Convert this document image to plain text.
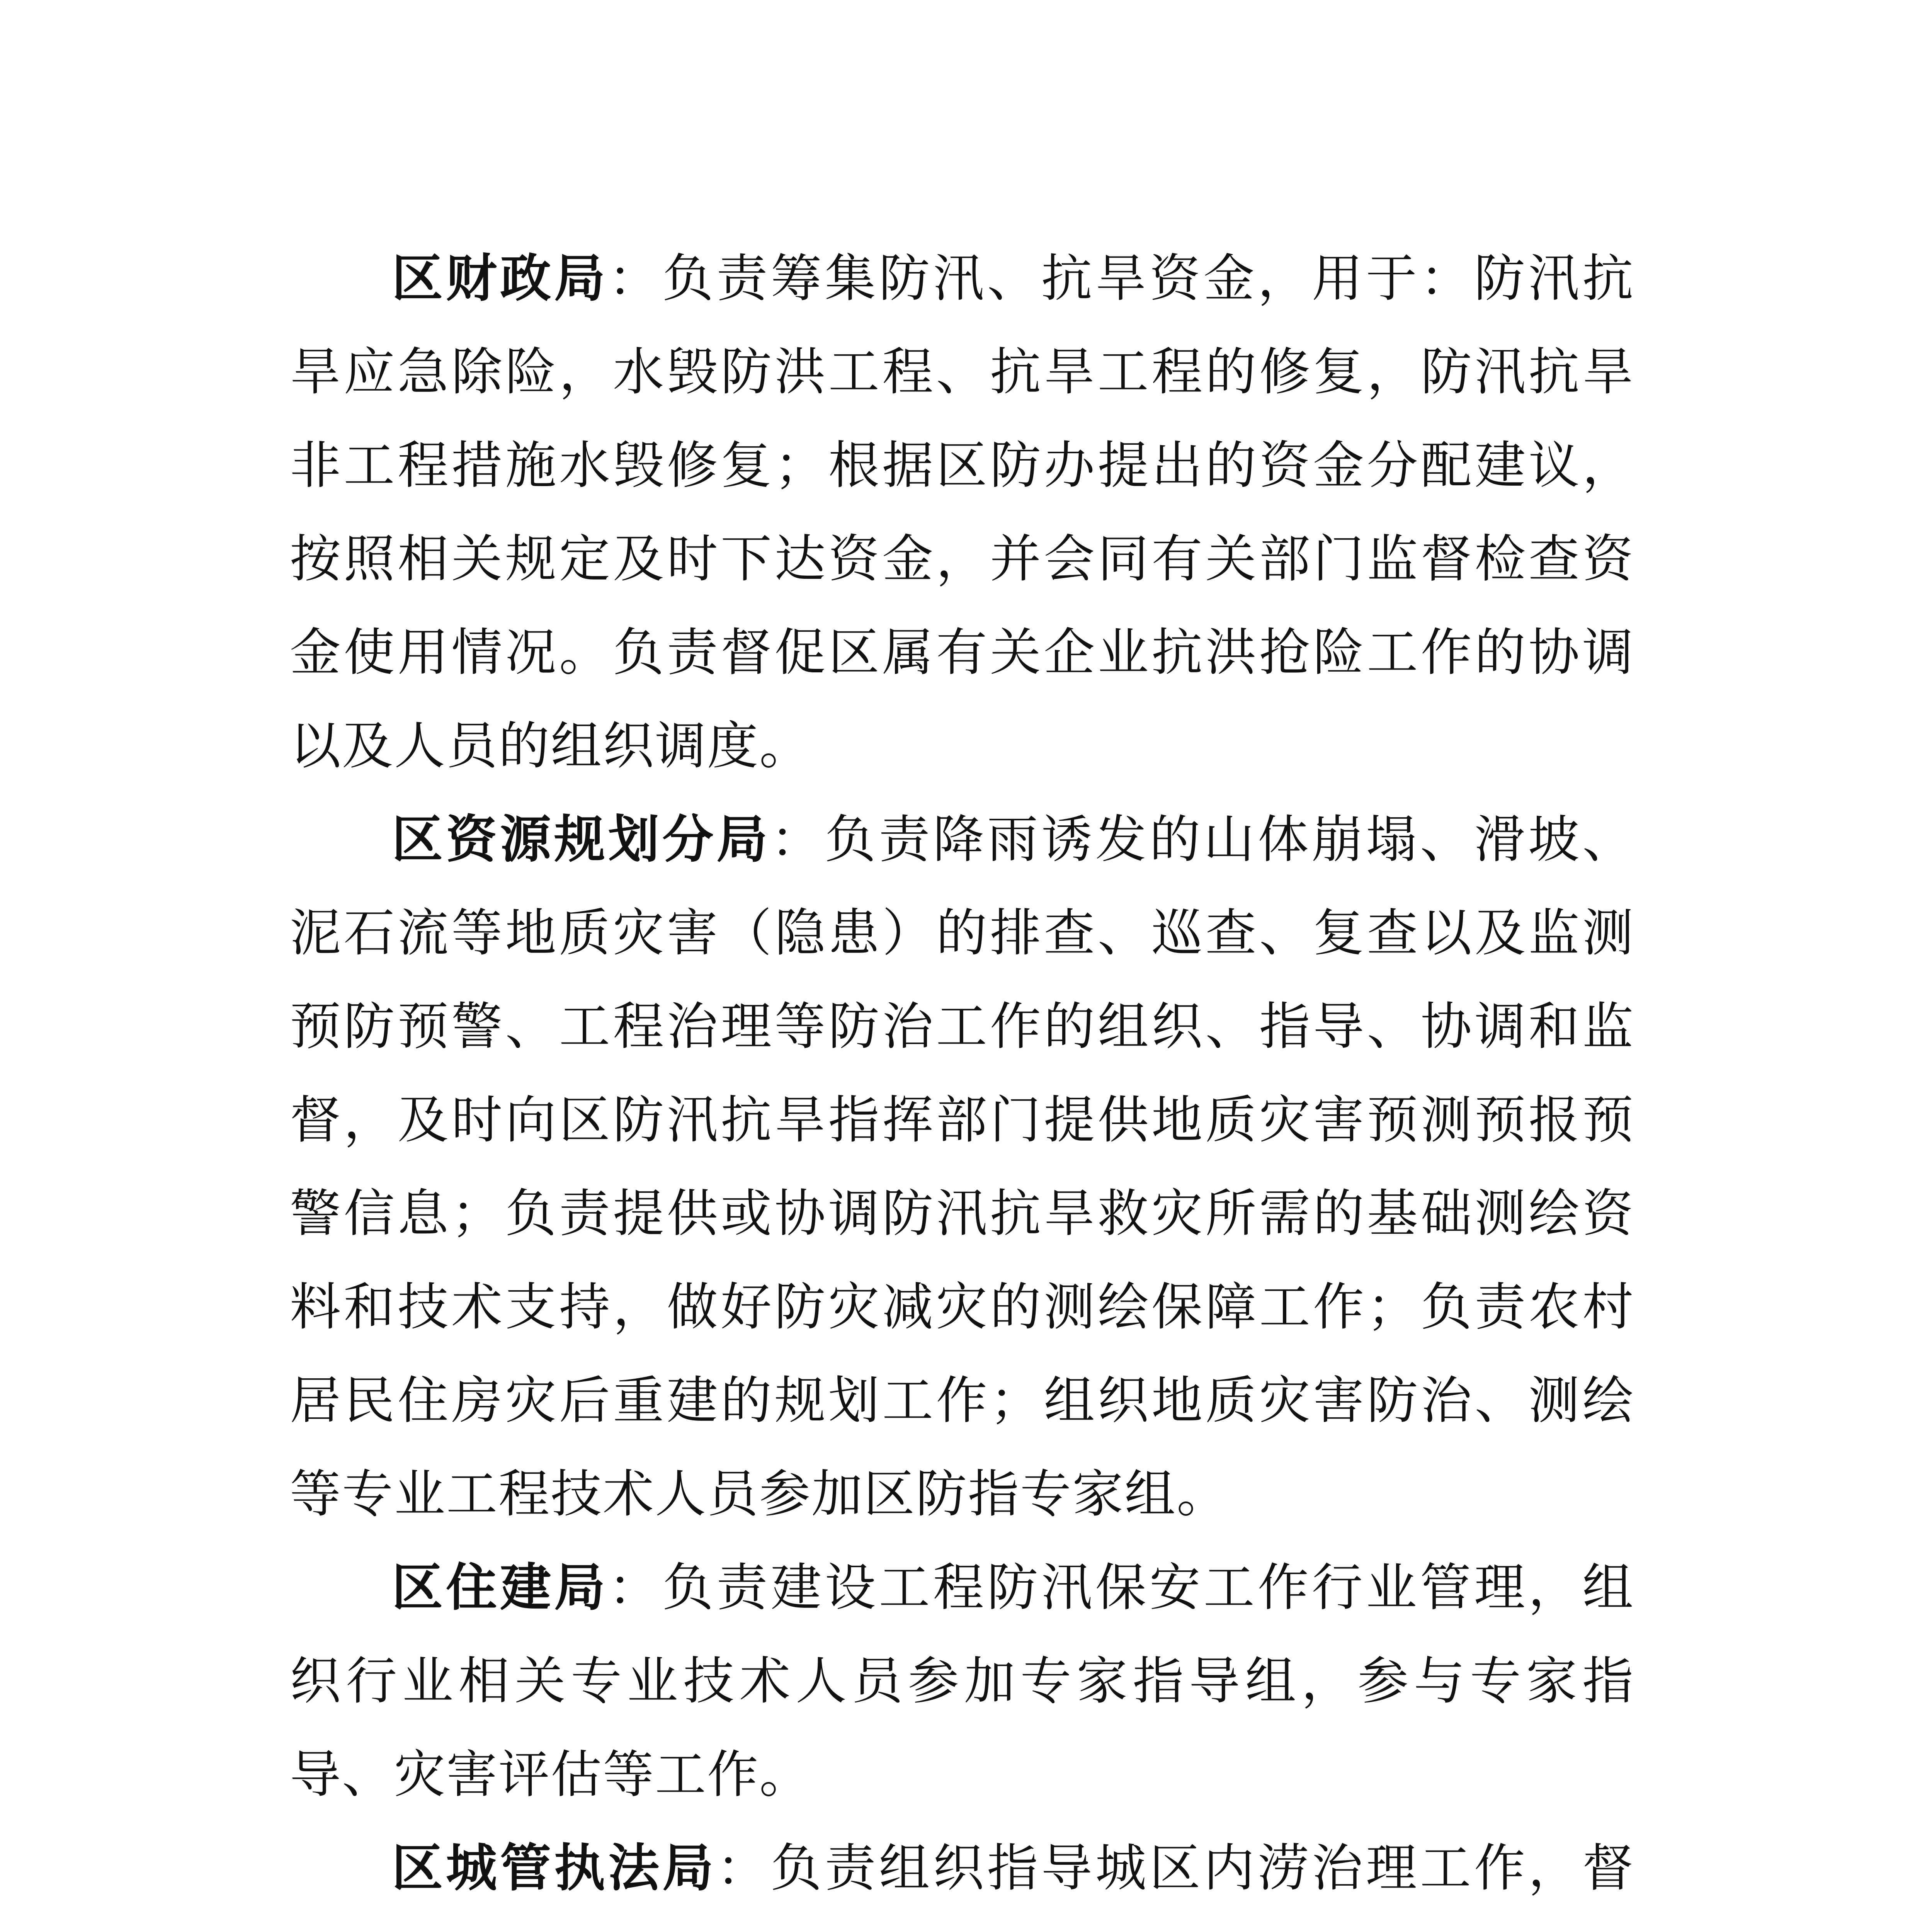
区财政局：负责筹集防汛、抗旱资金，用于：防汛抗旱应急除险，水毁防洪工程、抗旱工程的修复，防汛抗旱非工程措施水毁修复；根据区防办提出的资金分配建议，按照相关规定及时下达资金，并会同有关部门监督检查资金使用情况。负责督促区属有关企业抗洪抢险工作的协调以及人员的组织调度。

区资源规划分局：负责降雨诱发的山体崩塌、滑坡、泥石流等地质灾害（隐患）的排查、巡查、复查以及监测预防预警、工程治理等防治工作的组织、指导、协调和监督，及时向区防汛抗旱指挥部门提供地质灾害预测预报预警信息；负责提供或协调防汛抗旱救灾所需的基础测绘资料和技术支持，做好防灾减灾的测绘保障工作；负责农村居民住房灾后重建的规划工作；组织地质灾害防治、测绘等专业工程技术人员参加区防指专家组。

区住建局：负责建设工程防汛保安工作行业管理，组织行业相关专业技术人员参加专家指导组，参与专家指导、灾害评估等工作。

区城管执法局：负责组织指导城区内涝治理工作，督
